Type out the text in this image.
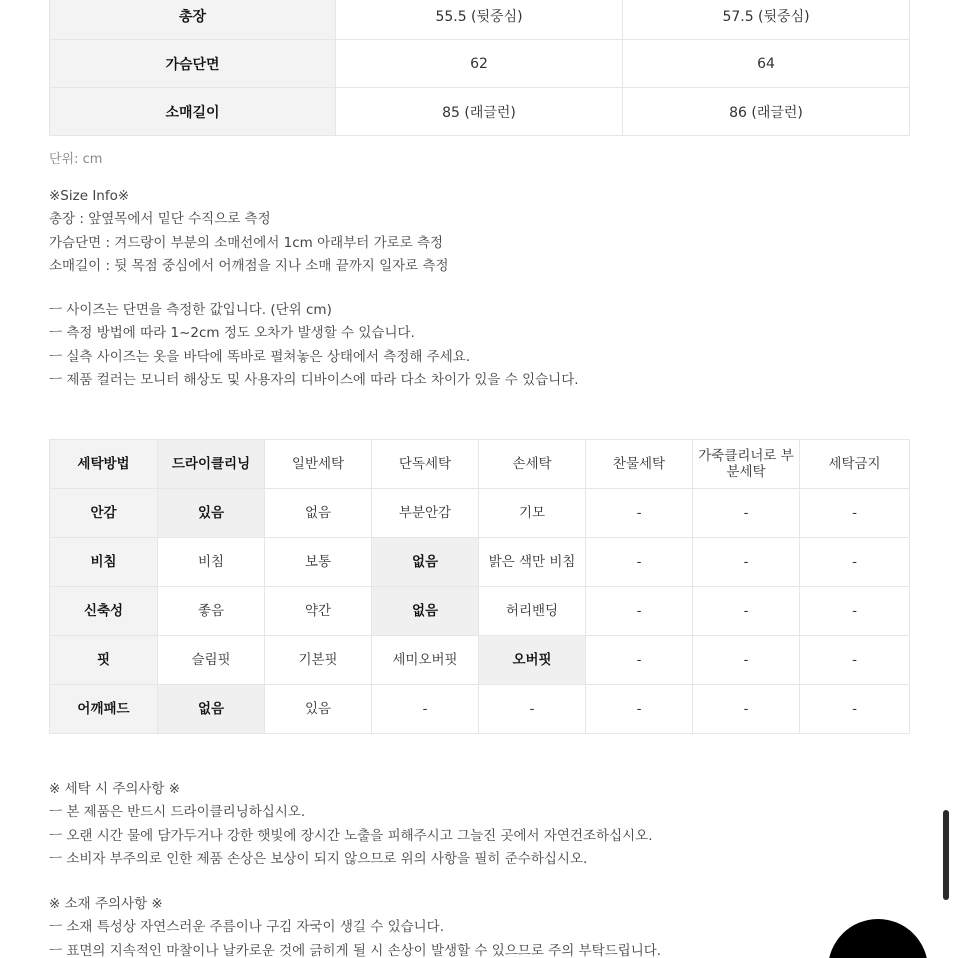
총장	55.5 (뒷중심)	57.5 (뒷중심)
가슴단면	62	64
소매길이	85 (래글런)	86 (래글런)
단위: cm
※Size Info※
총장 : 앞옆목에서 밑단 수직으로 측정
가슴단면 : 겨드랑이 부분의 소매선에서 1cm 아래부터 가로로 측정
소매길이 : 뒷 목점 중심에서 어깨점을 지나 소매 끝까지 일자로 측정
ㅡ 사이즈는 단면을 측정한 값입니다. (단위 cm)
ㅡ 측정 방법에 따라 1~2cm 정도 오차가 발생할 수 있습니다.
ㅡ 실측 사이즈는 옷을 바닥에 똑바로 펼쳐놓은 상태에서 측정해 주세요.
ㅡ 제품 컬러는 모니터 해상도 및 사용자의 디바이스에 따라 다소 차이가 있을 수 있습니다.
세탁방법	드라이클리닝	일반세탁	단독세탁	손세탁	찬물세탁	가죽클리너로 부분세탁	세탁금지
안감	있음	없음	부분안감	기모	-	-	-
비침	비침	보통	없음	밝은 색만 비침	-	-	-
신축성	좋음	약간	없음	허리밴딩	-	-	-
핏	슬림핏	기본핏	세미오버핏	오버핏	-	-	-
어깨패드	없음	있음	-	-	-	-	-
※ 세탁 시 주의사항 ※
ㅡ 본 제품은 반드시 드라이클리닝하십시오.
ㅡ 오랜 시간 물에 담가두거나 강한 햇빛에 장시간 노출을 피해주시고 그늘진 곳에서 자연건조하십시오.
ㅡ 소비자 부주의로 인한 제품 손상은 보상이 되지 않으므로 위의 사항을 필히 준수하십시오.
※ 소재 주의사항 ※
ㅡ 소재 특성상 자연스러운 주름이나 구김 자국이 생길 수 있습니다.
ㅡ 표면의 지속적인 마찰이나 날카로운 것에 긁히게 될 시 손상이 발생할 수 있으므로 주의 부탁드립니다.
